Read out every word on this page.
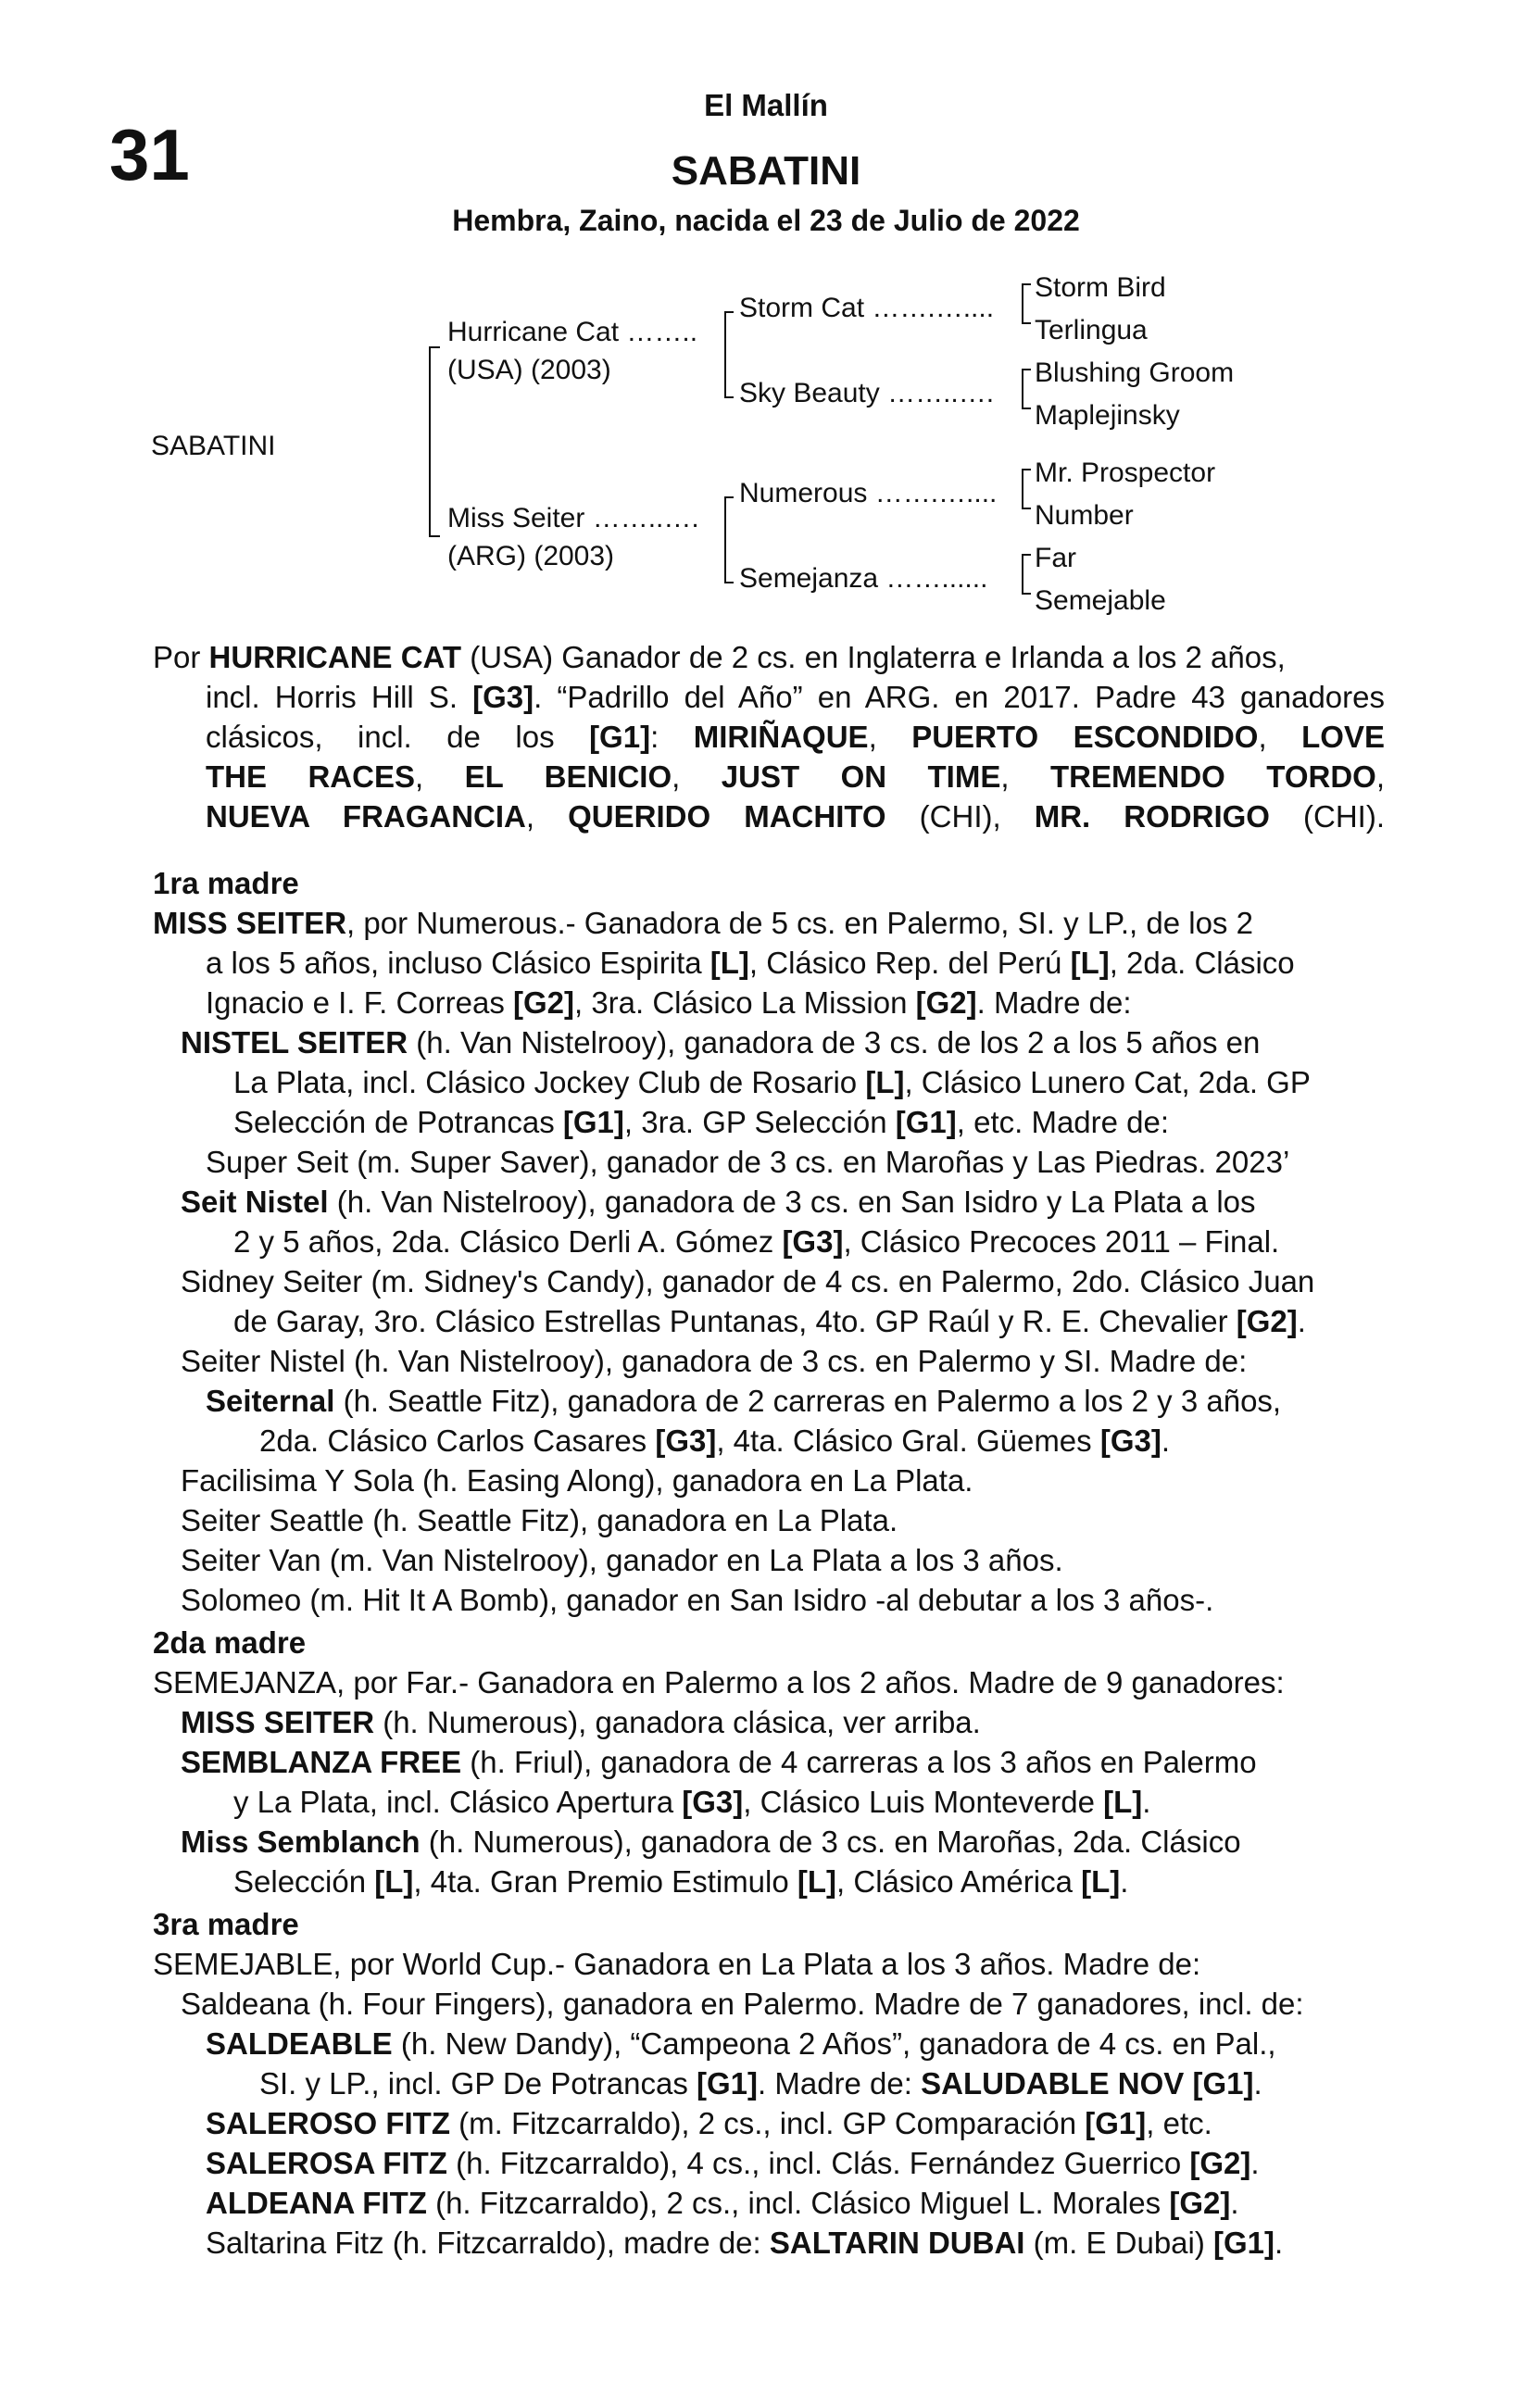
31
El Mallín
SABATINI
Hembra, Zaino, nacida el 23 de Julio de 2022
SABATINI
Hurricane Cat ……..
(USA) (2003)
Miss Seiter ……..….
(ARG) (2003)
Storm Cat …….…....
Sky Beauty ……..….
Numerous …….…....
Semejanza ……......
Storm Bird
Terlingua
Blushing Groom
Maplejinsky
Mr. Prospector
Number
Far
Semejable
Por HURRICANE CAT (USA) Ganador de 2 cs. en Inglaterra e Irlanda a los 2 años,
incl. Horris Hill S. [G3]. “Padrillo del Año” en ARG. en 2017. Padre 43 ganadores
clásicos, incl. de los [G1]: MIRIÑAQUE, PUERTO ESCONDIDO, LOVE
THE RACES, EL BENICIO, JUST ON TIME, TREMENDO TORDO,
NUEVA FRAGANCIA, QUERIDO MACHITO (CHI), MR. RODRIGO (CHI).
1ra madre
MISS SEITER, por Numerous.- Ganadora de 5 cs. en Palermo, SI. y LP., de los 2
a los 5 años, incluso Clásico Espirita [L], Clásico Rep. del Perú [L], 2da. Clásico
Ignacio e I. F. Correas [G2], 3ra. Clásico La Mission [G2]. Madre de:
NISTEL SEITER (h. Van Nistelrooy), ganadora de 3 cs. de los 2 a los 5 años en
La Plata, incl. Clásico Jockey Club de Rosario [L], Clásico Lunero Cat, 2da. GP
Selección de Potrancas [G1], 3ra. GP Selección [G1], etc. Madre de:
Super Seit (m. Super Saver), ganador de 3 cs. en Maroñas y Las Piedras. 2023’
Seit Nistel (h. Van Nistelrooy), ganadora de 3 cs. en San Isidro y La Plata a los
2 y 5 años, 2da. Clásico Derli A. Gómez [G3], Clásico Precoces 2011 – Final.
Sidney Seiter (m. Sidney's Candy), ganador de 4 cs. en Palermo, 2do. Clásico Juan
de Garay, 3ro. Clásico Estrellas Puntanas, 4to. GP Raúl y R. E. Chevalier [G2].
Seiter Nistel (h. Van Nistelrooy), ganadora de 3 cs. en Palermo y SI. Madre de:
Seiternal (h. Seattle Fitz), ganadora de 2 carreras en Palermo a los 2 y 3 años,
2da. Clásico Carlos Casares [G3], 4ta. Clásico Gral. Güemes [G3].
Facilisima Y Sola (h. Easing Along), ganadora en La Plata.
Seiter Seattle (h. Seattle Fitz), ganadora en La Plata.
Seiter Van (m. Van Nistelrooy), ganador en La Plata a los 3 años.
Solomeo (m. Hit It A Bomb), ganador en San Isidro -al debutar a los 3 años-.
2da madre
SEMEJANZA, por Far.- Ganadora en Palermo a los 2 años. Madre de 9 ganadores:
MISS SEITER (h. Numerous), ganadora clásica, ver arriba.
SEMBLANZA FREE (h. Friul), ganadora de 4 carreras a los 3 años en Palermo
y La Plata, incl. Clásico Apertura [G3], Clásico Luis Monteverde [L].
Miss Semblanch (h. Numerous), ganadora de 3 cs. en Maroñas, 2da. Clásico
Selección [L], 4ta. Gran Premio Estimulo [L], Clásico América [L].
3ra madre
SEMEJABLE, por World Cup.- Ganadora en La Plata a los 3 años. Madre de:
Saldeana (h. Four Fingers), ganadora en Palermo. Madre de 7 ganadores, incl. de:
SALDEABLE (h. New Dandy), “Campeona 2 Años”, ganadora de 4 cs. en Pal.,
SI. y LP., incl. GP De Potrancas [G1]. Madre de: SALUDABLE NOV [G1].
SALEROSO FITZ (m. Fitzcarraldo), 2 cs., incl. GP Comparación [G1], etc.
SALEROSA FITZ (h. Fitzcarraldo), 4 cs., incl. Clás. Fernández Guerrico [G2].
ALDEANA FITZ (h. Fitzcarraldo), 2 cs., incl. Clásico Miguel L. Morales [G2].
Saltarina Fitz (h. Fitzcarraldo), madre de: SALTARIN DUBAI (m. E Dubai) [G1].
